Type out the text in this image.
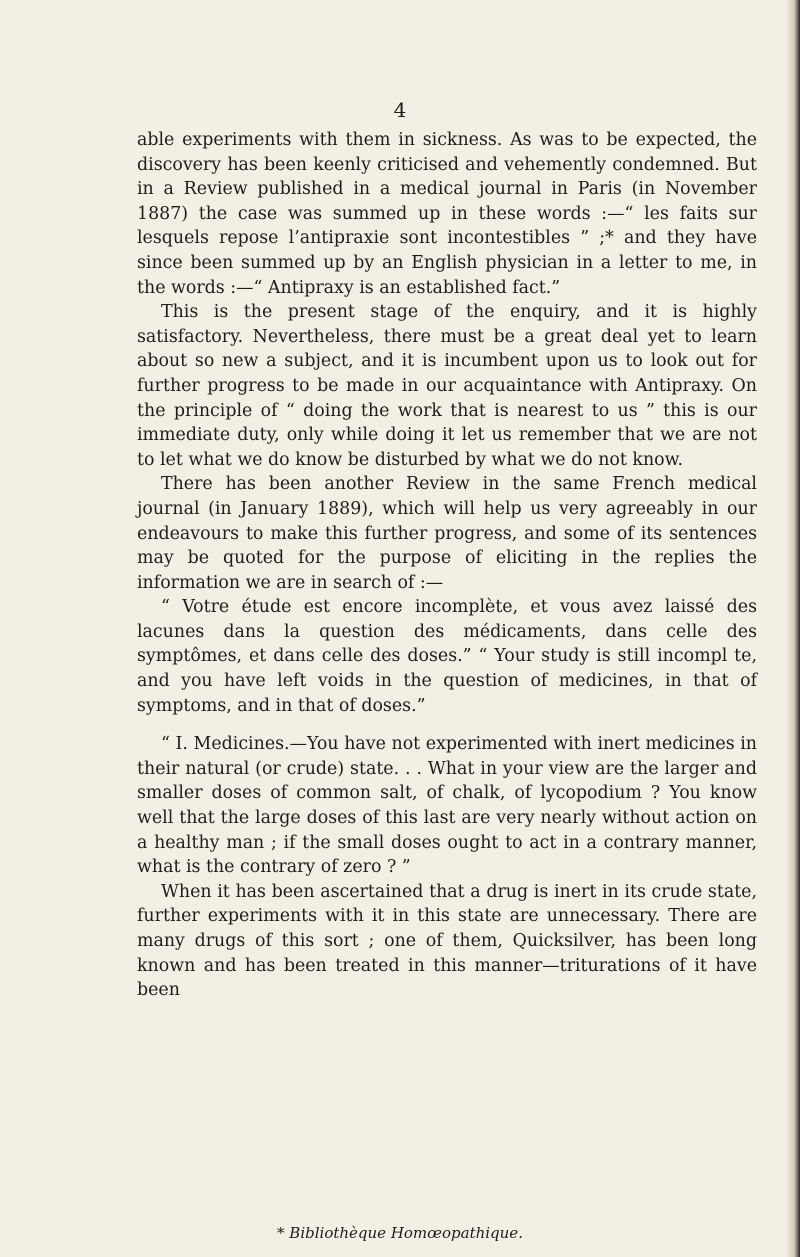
4

able experiments with them in sickness. As was to be expected, the discovery has been keenly criticised and vehemently condemned. But in a Review published in a medical journal in Paris (in November 1887) the case was summed up in these words :—“ les faits sur lesquels repose l’antipraxie sont incontestibles ” ;* and they have since been summed up by an English physician in a letter to me, in the words :—“ Antipraxy is an established fact.”

This is the present stage of the enquiry, and it is highly satisfactory. Nevertheless, there must be a great deal yet to learn about so new a subject, and it is incumbent upon us to look out for further progress to be made in our acquaintance with Antipraxy. On the principle of “ doing the work that is nearest to us ” this is our immediate duty, only while doing it let us remember that we are not to let what we do know be disturbed by what we do not know.

There has been another Review in the same French medical journal (in January 1889), which will help us very agreeably in our endeavours to make this further progress, and some of its sentences may be quoted for the purpose of eliciting in the replies the information we are in search of :—

“ Votre étude est encore incomplète, et vous avez laissé des lacunes dans la question des médicaments, dans celle des symptômes, et dans celle des doses.” “ Your study is still incompl te, and you have left voids in the question of medicines, in that of symptoms, and in that of doses.”

“ I. Medicines.—You have not experimented with inert medicines in their natural (or crude) state. . . What in your view are the larger and smaller doses of common salt, of chalk, of lycopodium ? You know well that the large doses of this last are very nearly without action on a healthy man ; if the small doses ought to act in a contrary manner, what is the contrary of zero ? ”

When it has been ascertained that a drug is inert in its crude state, further experiments with it in this state are unnecessary. There are many drugs of this sort ; one of them, Quicksilver, has been long known and has been treated in this manner—triturations of it have been

* Bibliothèque Homœopathique.
